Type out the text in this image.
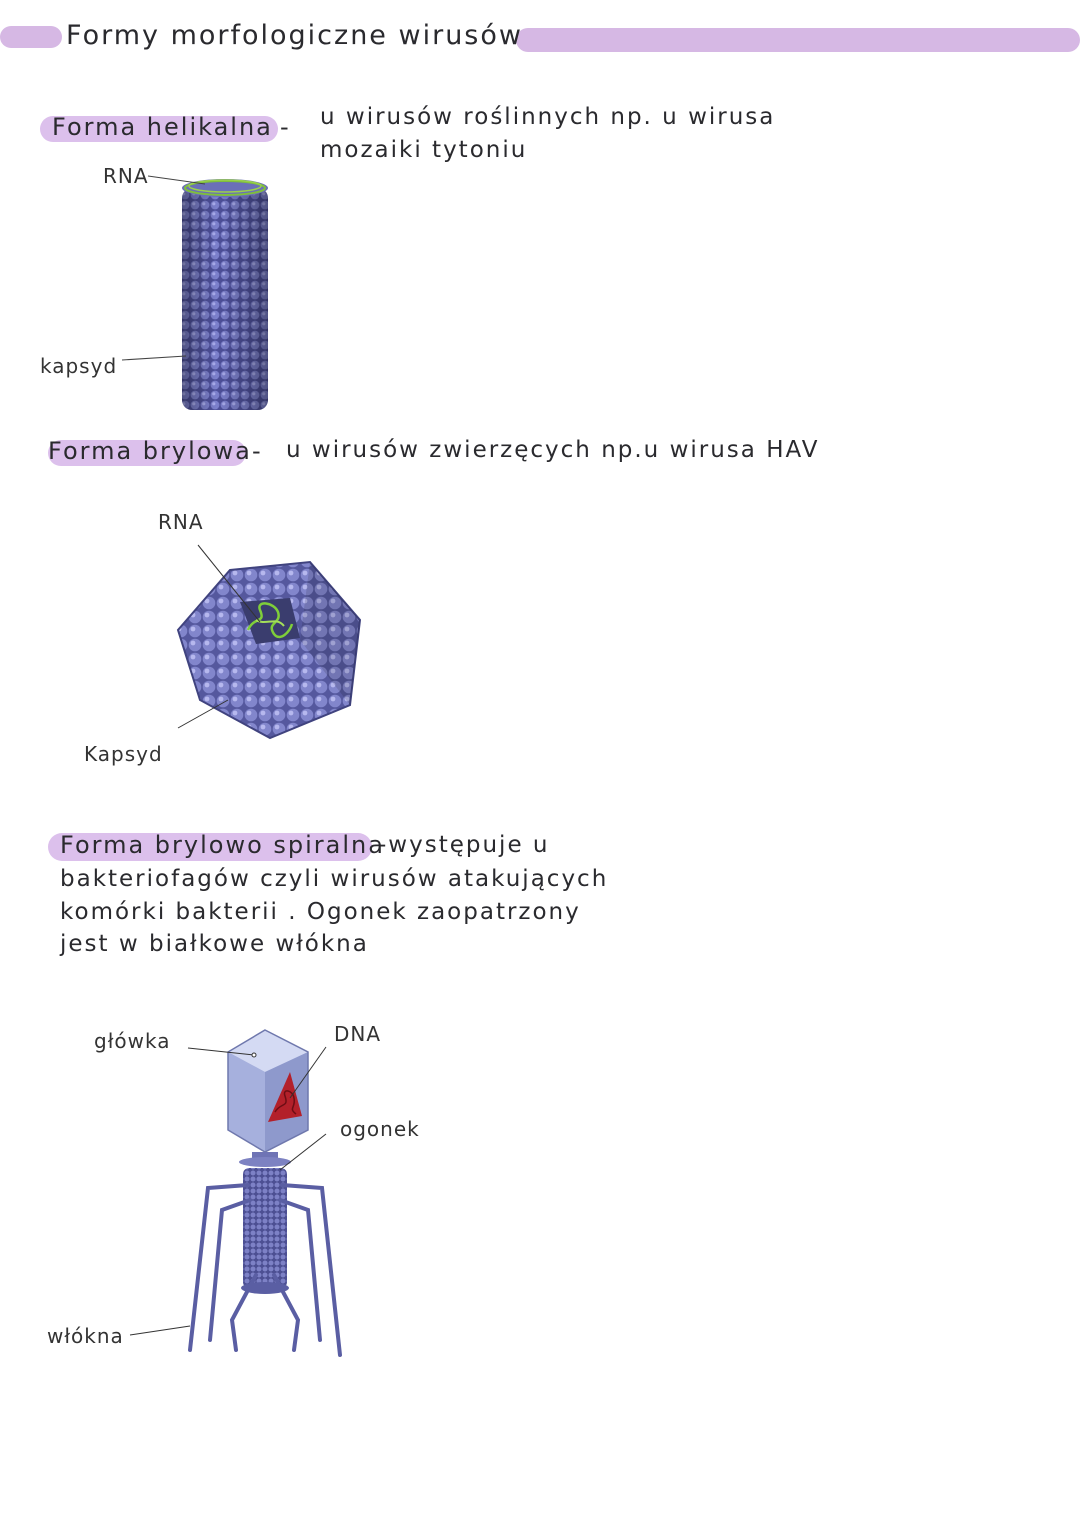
Formy morfologiczne wirusów
Forma helikalna - u wirusów roślinnych np. u wirusa
mozaiki tytoniu
RNA
kapsyd
Forma brylowa - u wirusów zwierzęcych np.u wirusa HAV
RNA
Kapsyd
Forma brylowo spiralna
-występuje u
bakteriofagów czyli wirusów atakujących
komórki bakterii . Ogonek zaopatrzony
jest w białkowe włókna
główka	DNA
ogonek
włókna
